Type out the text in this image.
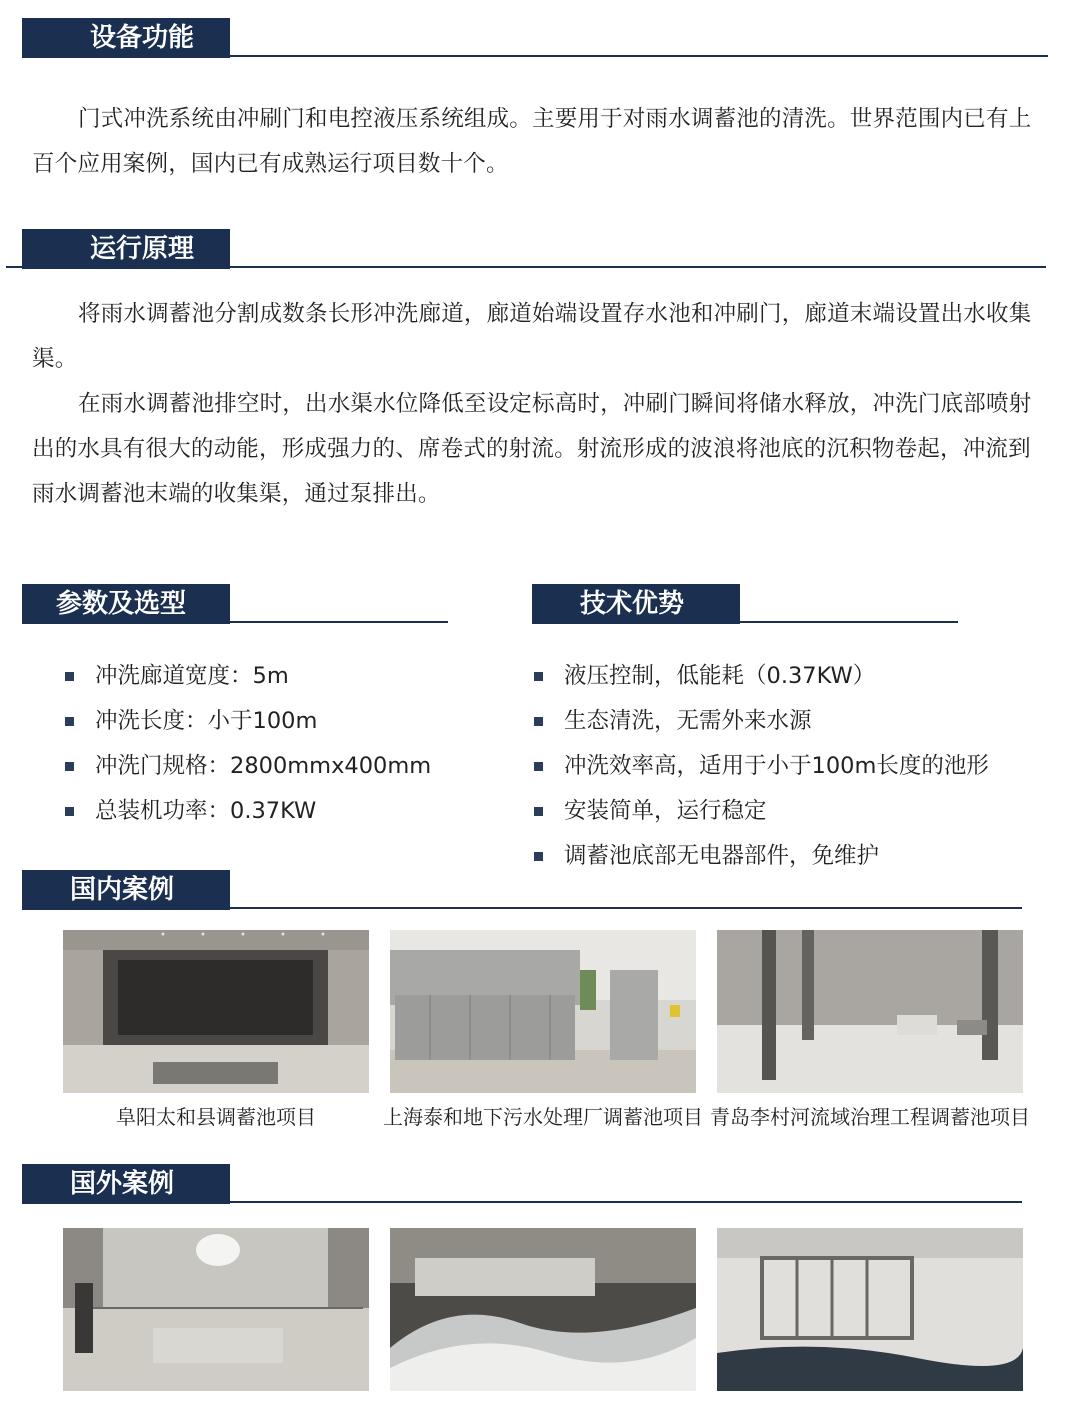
设备功能

门式冲洗系统由冲刷门和电控液压系统组成。主要用于对雨水调蓄池的清洗。世界范围内已有上百个应用案例，国内已有成熟运行项目数十个。

运行原理

将雨水调蓄池分割成数条长形冲洗廊道，廊道始端设置存水池和冲刷门，廊道末端设置出水收集渠。

在雨水调蓄池排空时，出水渠水位降低至设定标高时，冲刷门瞬间将储水释放，冲洗门底部喷射出的水具有很大的动能，形成强力的、席卷式的射流。射流形成的波浪将池底的沉积物卷起，冲流到雨水调蓄池末端的收集渠，通过泵排出。

参数及选型
冲洗廊道宽度：5m
冲洗长度：小于100m
冲洗门规格：2800mmx400mm
总装机功率：0.37KW
技术优势
液压控制，低能耗（0.37KW）
生态清洗，无需外来水源
冲洗效率高，适用于小于100m长度的池形
安装简单，运行稳定
调蓄池底部无电器部件，免维护
国内案例
阜阳太和县调蓄池项目	上海泰和地下污水处理厂调蓄池项目 青岛李村河流域治理工程调蓄池项目
国外案例
